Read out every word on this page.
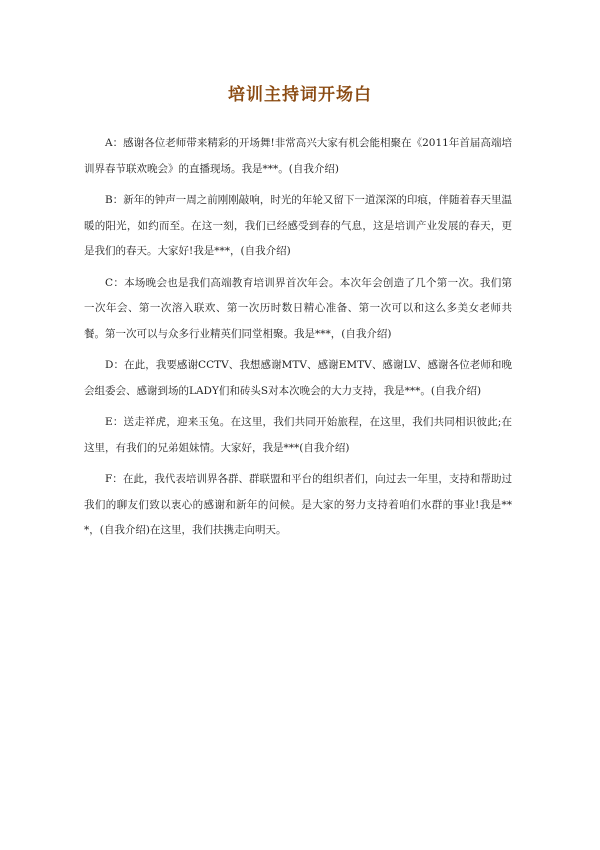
培训主持词开场白

A：感谢各位老师带来精彩的开场舞!非常高兴大家有机会能相聚在《2011年首届高端培训界春节联欢晚会》的直播现场。我是***。(自我介绍)

B：新年的钟声一周之前刚刚敲响，时光的年轮又留下一道深深的印痕，伴随着春天里温暖的阳光，如约而至。在这一刻，我们已经感受到春的气息，这是培训产业发展的春天，更是我们的春天。大家好!我是***，(自我介绍)

C：本场晚会也是我们高端教育培训界首次年会。本次年会创造了几个第一次。我们第一次年会、第一次溶入联欢、第一次历时数日精心准备、第一次可以和这么多美女老师共餐。第一次可以与众多行业精英们同堂相聚。我是***，(自我介绍)

D：在此，我要感谢CCTV、我想感谢MTV、感谢EMTV、感谢LV、感谢各位老师和晚会组委会、感谢到场的LADY们和砖头S对本次晚会的大力支持，我是***。(自我介绍)

E：送走祥虎，迎来玉兔。在这里，我们共同开始旅程，在这里，我们共同相识彼此;在这里，有我们的兄弟姐妹情。大家好，我是***(自我介绍)

F：在此，我代表培训界各群、群联盟和平台的组织者们，向过去一年里，支持和帮助过我们的聊友们致以衷心的感谢和新年的问候。是大家的努力支持着咱们水群的事业!我是***，(自我介绍)在这里，我们扶携走向明天。
